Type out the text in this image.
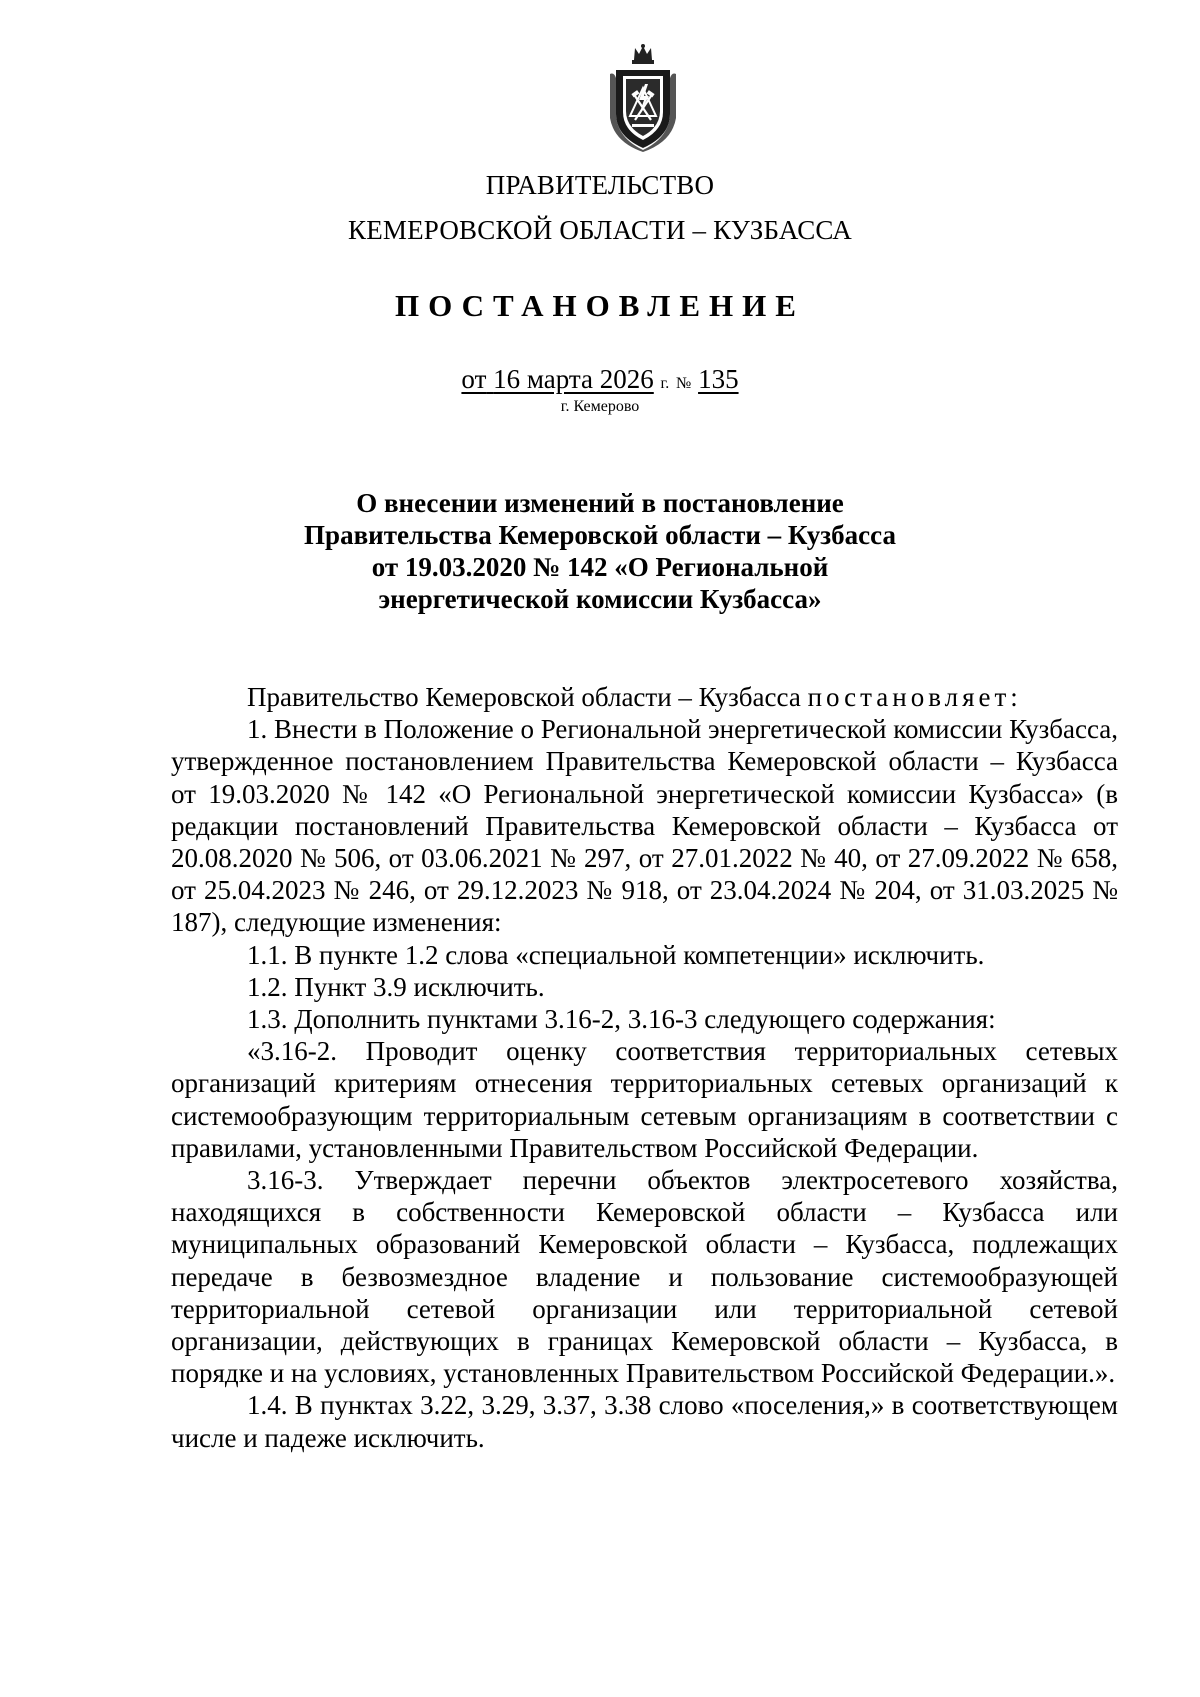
ПРАВИТЕЛЬСТВО
КЕМЕРОВСКОЙ ОБЛАСТИ – КУЗБАССА
ПОСТАНОВЛЕНИЕ
от 16 марта 2026 г. № 135
г. Кемерово
О внесении изменений в постановление
Правительства Кемеровской области – Кузбасса
от 19.03.2020 № 142 «О Региональной
энергетической комиссии Кузбасса»

Правительство Кемеровской области – Кузбасса постановляет:

1. Внести в Положение о Региональной энергетической комиссии Кузбасса, утвержденное постановлением Правительства Кемеровской области – Кузбасса от 19.03.2020 № 142 «О Региональной энергетической комиссии Кузбасса» (в редакции постановлений Правительства Кемеровской области – Кузбасса от 20.08.2020 № 506, от 03.06.2021 № 297, от 27.01.2022 № 40, от 27.09.2022 № 658, от 25.04.2023 № 246, от 29.12.2023 № 918, от 23.04.2024 № 204, от 31.03.2025 № 187), следующие изменения:

1.1. В пункте 1.2 слова «специальной компетенции» исключить.

1.2. Пункт 3.9 исключить.

1.3. Дополнить пунктами 3.16-2, 3.16-3 следующего содержания:

«3.16-2. Проводит оценку соответствия территориальных сетевых организаций критериям отнесения территориальных сетевых организаций к системообразующим территориальным сетевым организациям в соответствии с правилами, установленными Правительством Российской Федерации.

3.16-3. Утверждает перечни объектов электросетевого хозяйства, находящихся в собственности Кемеровской области – Кузбасса или муниципальных образований Кемеровской области – Кузбасса, подлежащих передаче в безвозмездное владение и пользование системообразующей территориальной сетевой организации или территориальной сетевой организации, действующих в границах Кемеровской области – Кузбасса, в порядке и на условиях, установленных Правительством Российской Федерации.».

1.4. В пунктах 3.22, 3.29, 3.37, 3.38 слово «поселения,» в соответствующем числе и падеже исключить.
